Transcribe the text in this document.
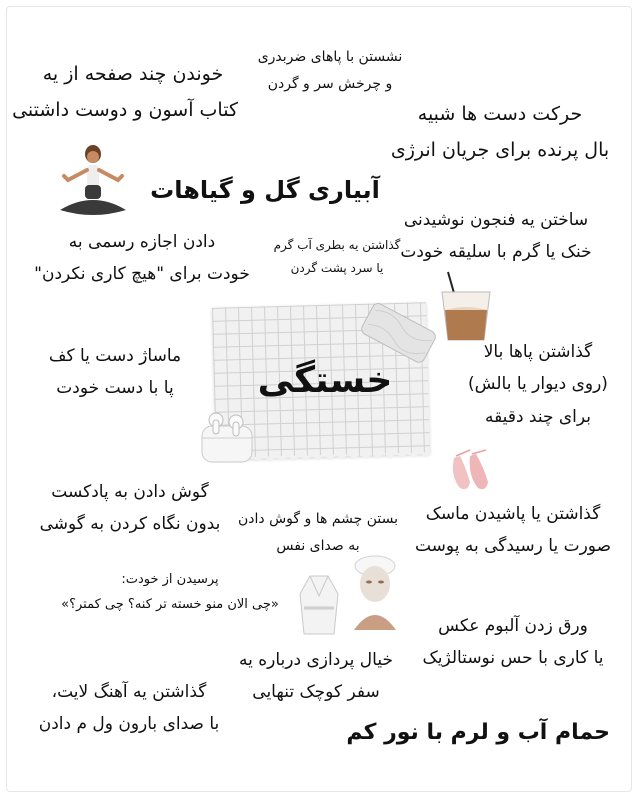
خوندن چند صفحه از یه
کتاب آسون و دوست داشتنی
نشستن با پاهای ضربدری
و چرخش سر و گردن
حرکت دست ها شبیه
بال پرنده برای جریان انرژی
آبیاری گل و گیاهات
دادن اجازه رسمی به
خودت برای "هیچ کاری نکردن"
گذاشتن یه بطری آب گرم
یا سرد پشت گردن
ساختن یه فنجون نوشیدنی
خنک یا گرم با سلیقه خودت
ماساژ دست یا کف
پا با دست خودت
گذاشتن پاها بالا
(روی دیوار یا بالش)
برای چند دقیقه
گوش دادن به پادکست
بدون نگاه کردن به گوشی	بستن چشم ها و گوش دادن
به صدای نفس
گذاشتن یا پاشیدن ماسک
صورت یا رسیدگی به پوست
پرسیدن از خودت:
«چی الان منو خسته تر کنه؟ چی کمتر؟»
ورق زدن آلبوم عکس
یا کاری با حس نوستالژیک
خیال پردازی درباره یه
سفر کوچک تنهایی
گذاشتن یه آهنگ لایت،
با صدای بارون ول م دادن	حمام آب و لرم با نور کم
خستگی
